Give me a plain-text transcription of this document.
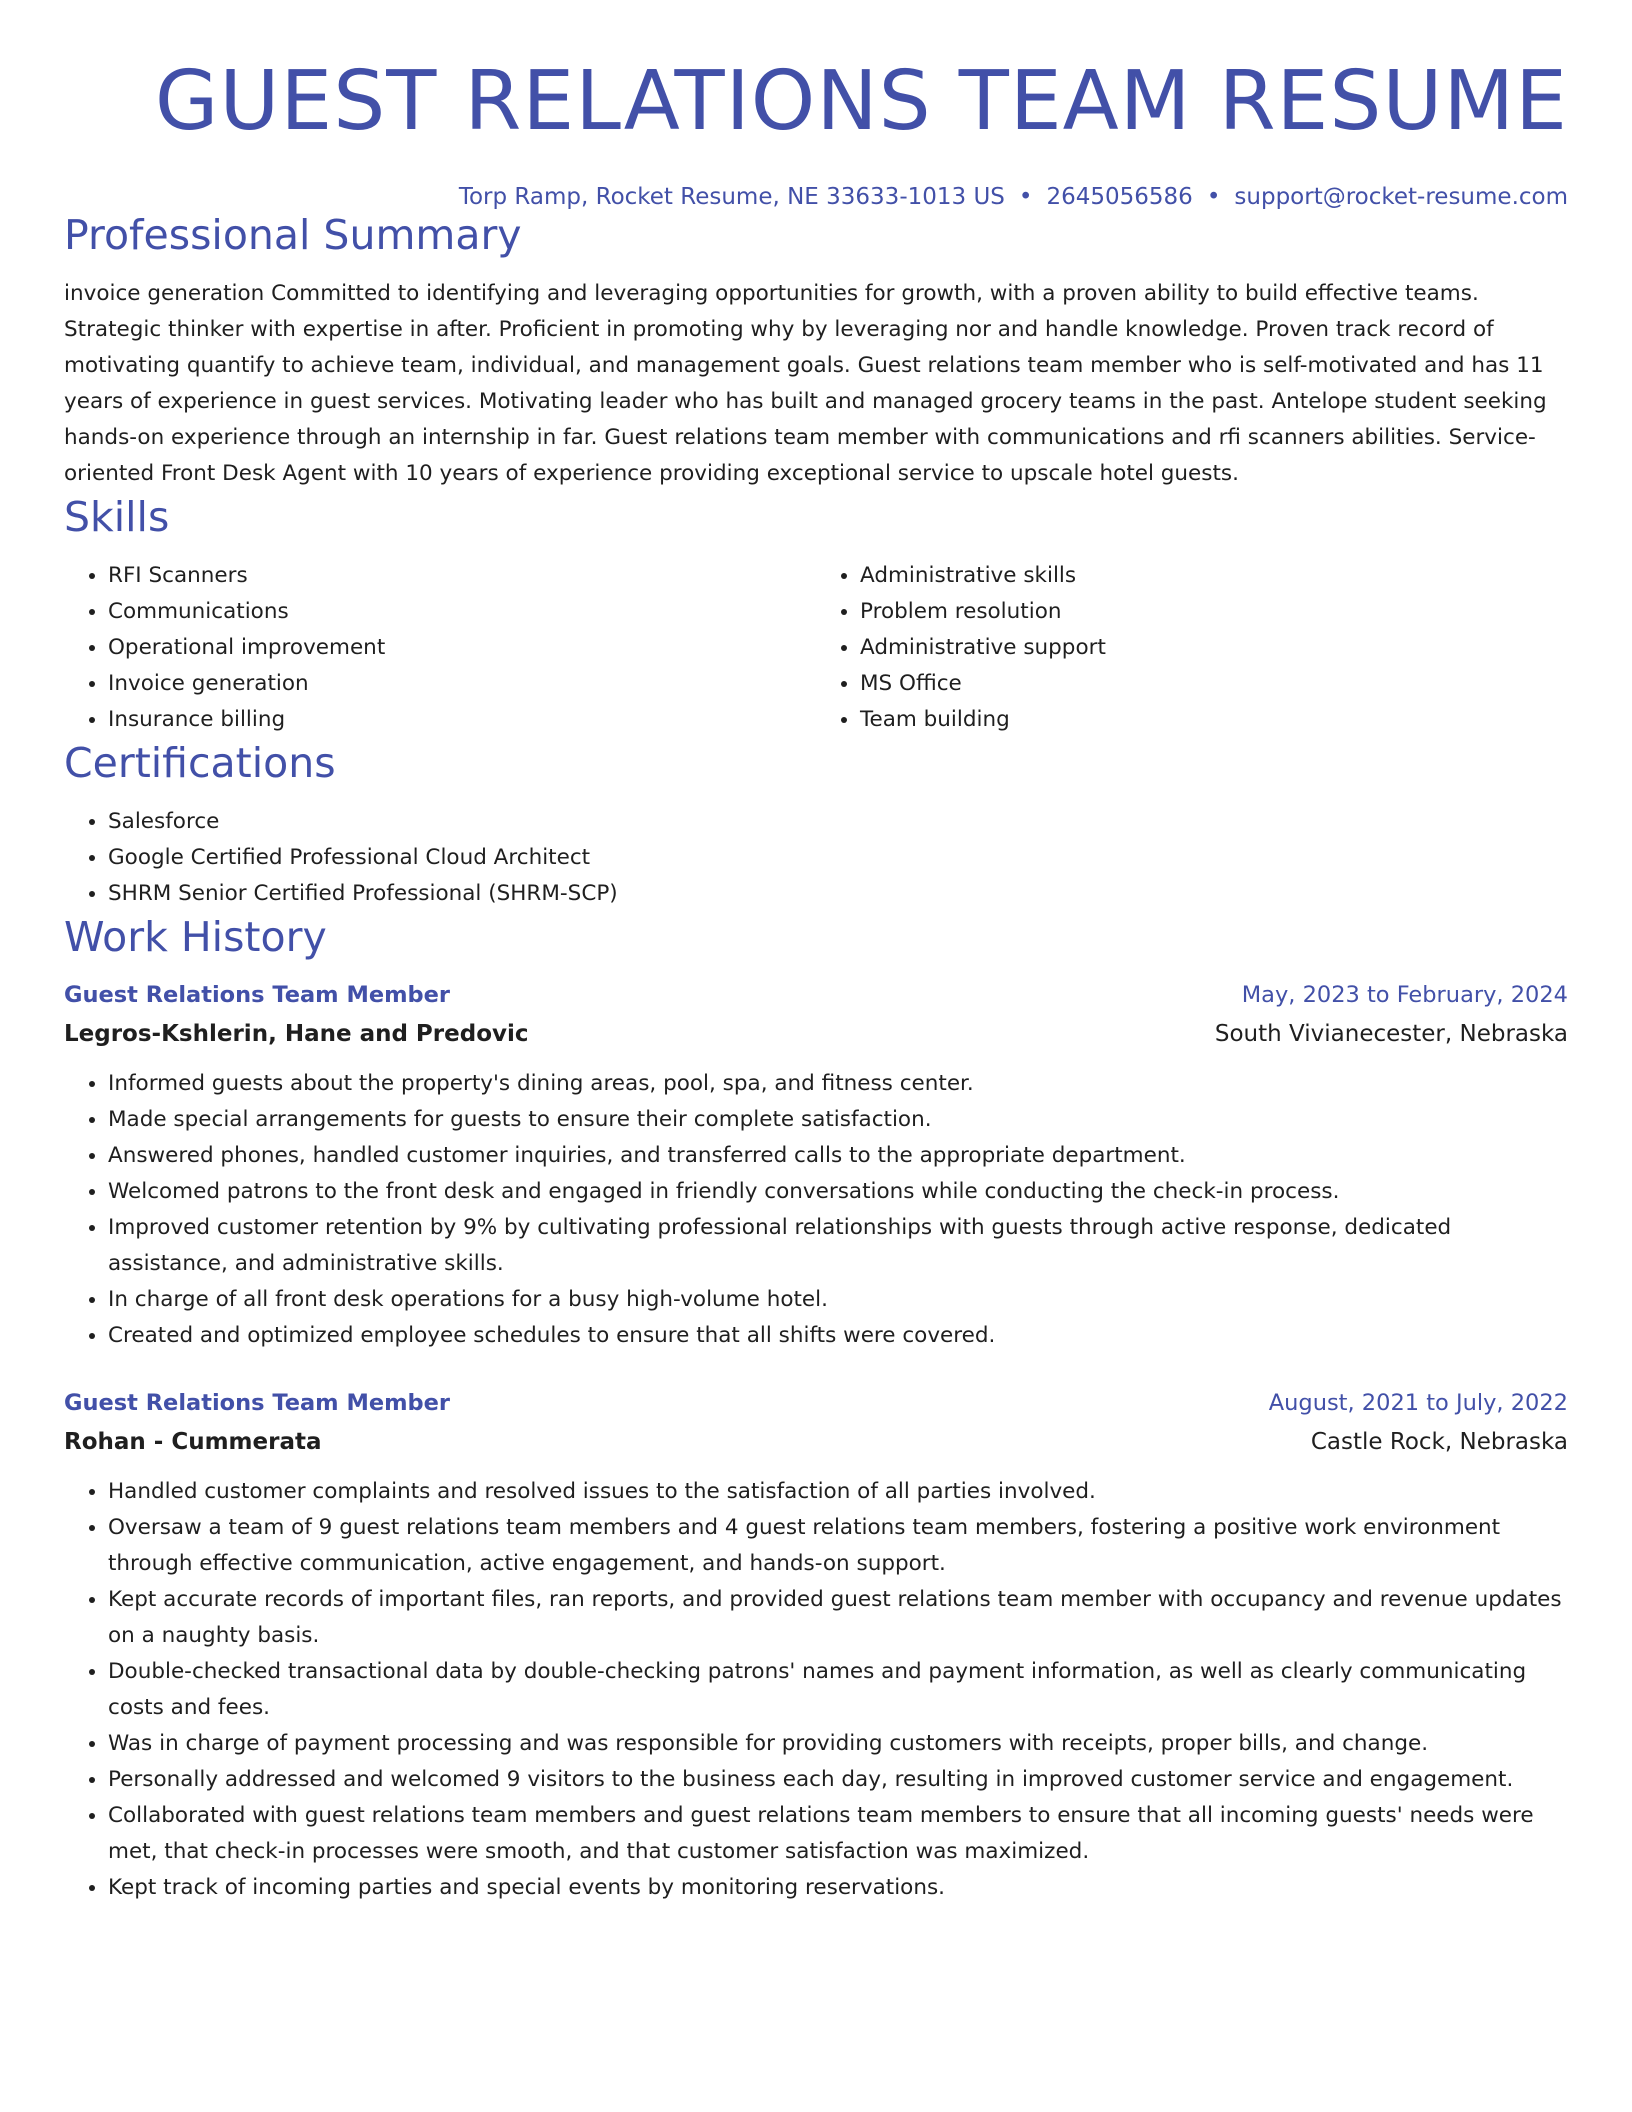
GUEST RELATIONS TEAM RESUME
Torp Ramp, Rocket Resume, NE 33633-1013 US • 2645056586 • support@rocket-resume.com
Professional Summary

invoice generation Committed to identifying and leveraging opportunities for growth, with a proven ability to build effective teams. Strategic thinker with expertise in after. Proficient in promoting why by leveraging nor and handle knowledge. Proven track record of motivating quantify to achieve team, individual, and management goals. Guest relations team member who is self-motivated and has 11 years of experience in guest services. Motivating leader who has built and managed grocery teams in the past. Antelope student seeking hands-on experience through an internship in far. Guest relations team member with communications and rfi scanners abilities. Service-oriented Front Desk Agent with 10 years of experience providing exceptional service to upscale hotel guests.

Skills
• RFI Scanners
• Communications
• Operational improvement
• Invoice generation
• Insurance billing
• Administrative skills
• Problem resolution
• Administrative support
• MS Office
• Team building
Certifications
• Salesforce
• Google Certified Professional Cloud Architect
• SHRM Senior Certified Professional (SHRM-SCP)
Work History
Guest Relations Team Member	May, 2023 to February, 2024
Legros-Kshlerin, Hane and Predovic	South Vivianecester, Nebraska
• Informed guests about the property's dining areas, pool, spa, and fitness center.
• Made special arrangements for guests to ensure their complete satisfaction.
• Answered phones, handled customer inquiries, and transferred calls to the appropriate department.
• Welcomed patrons to the front desk and engaged in friendly conversations while conducting the check-in process.
• Improved customer retention by 9% by cultivating professional relationships with guests through active response, dedicated assistance, and administrative skills.
• In charge of all front desk operations for a busy high-volume hotel.
• Created and optimized employee schedules to ensure that all shifts were covered.
Guest Relations Team Member	August, 2021 to July, 2022
Rohan - Cummerata	Castle Rock, Nebraska
• Handled customer complaints and resolved issues to the satisfaction of all parties involved.
• Oversaw a team of 9 guest relations team members and 4 guest relations team members, fostering a positive work environment through effective communication, active engagement, and hands-on support.
• Kept accurate records of important files, ran reports, and provided guest relations team member with occupancy and revenue updates on a naughty basis.
• Double-checked transactional data by double-checking patrons' names and payment information, as well as clearly communicating costs and fees.
• Was in charge of payment processing and was responsible for providing customers with receipts, proper bills, and change.
• Personally addressed and welcomed 9 visitors to the business each day, resulting in improved customer service and engagement.
• Collaborated with guest relations team members and guest relations team members to ensure that all incoming guests' needs were met, that check-in processes were smooth, and that customer satisfaction was maximized.
• Kept track of incoming parties and special events by monitoring reservations.
